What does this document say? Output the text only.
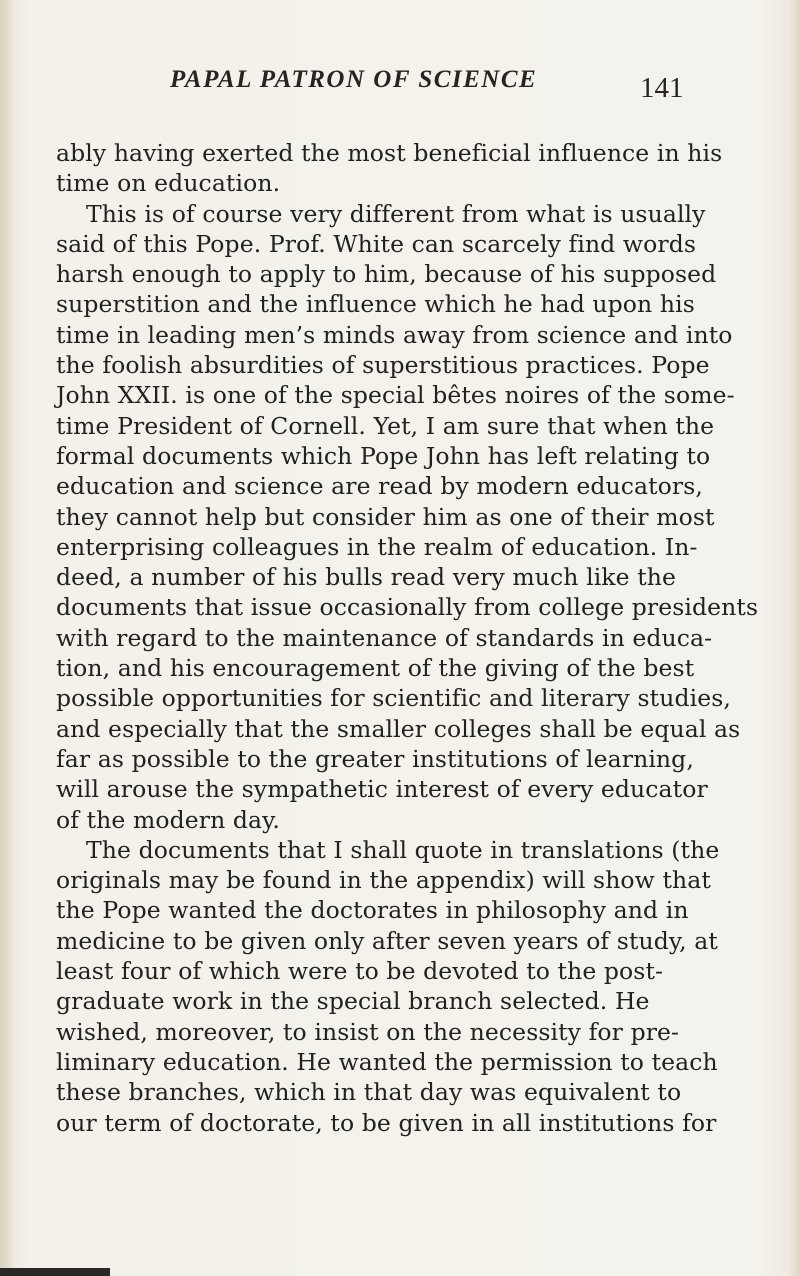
PAPAL PATRON OF SCIENCE	141
ably having exerted the most beneficial influence in his
time on education.
This is of course very different from what is usually
said of this Pope. Prof. White can scarcely find words
harsh enough to apply to him, because of his supposed
superstition and the influence which he had upon his
time in leading men’s minds away from science and into
the foolish absurdities of superstitious practices. Pope
John XXII. is one of the special bêtes noires of the some-
time President of Cornell. Yet, I am sure that when the
formal documents which Pope John has left relating to
education and science are read by modern educators,
they cannot help but consider him as one of their most
enterprising colleagues in the realm of education. In-
deed, a number of his bulls read very much like the
documents that issue occasionally from college presidents
with regard to the maintenance of standards in educa-
tion, and his encouragement of the giving of the best
possible opportunities for scientific and literary studies,
and especially that the smaller colleges shall be equal as
far as possible to the greater institutions of learning,
will arouse the sympathetic interest of every educator
of the modern day.
The documents that I shall quote in translations (the
originals may be found in the appendix) will show that
the Pope wanted the doctorates in philosophy and in
medicine to be given only after seven years of study, at
least four of which were to be devoted to the post-
graduate work in the special branch selected. He
wished, moreover, to insist on the necessity for pre-
liminary education. He wanted the permission to teach
these branches, which in that day was equivalent to
our term of doctorate, to be given in all institutions for
